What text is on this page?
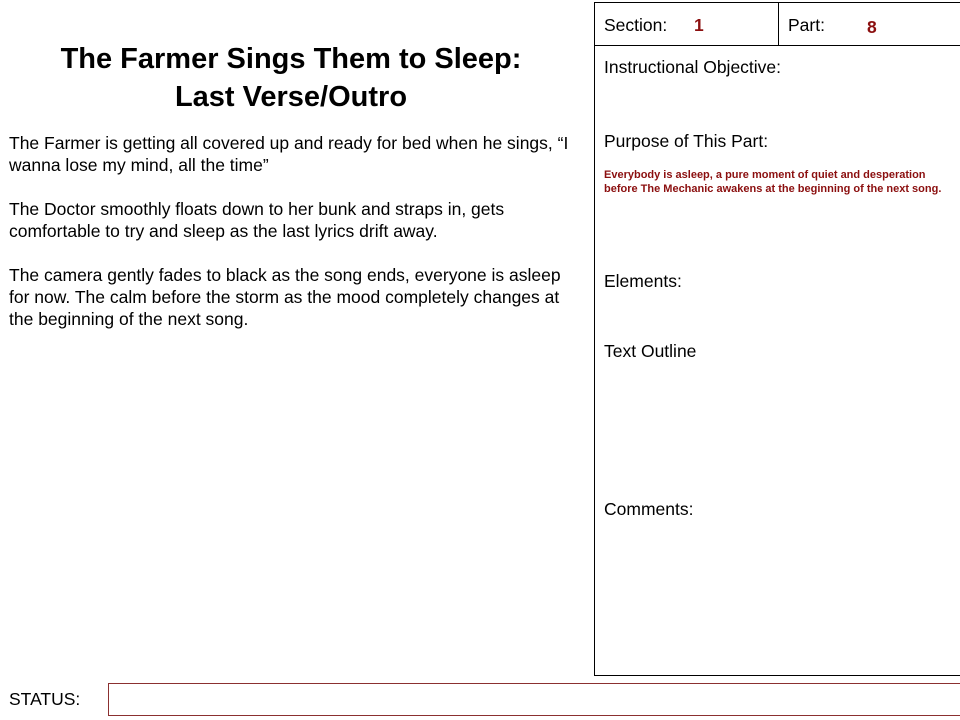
The Farmer Sings Them to Sleep:
Last Verse/Outro

The Farmer is getting all covered up and ready for bed when he sings, “I wanna lose my mind, all the time”

The Doctor smoothly floats down to her bunk and straps in, gets comfortable to try and sleep as the last lyrics drift away.

The camera gently fades to black as the song ends, everyone is asleep for now. The calm before the storm as the mood completely changes at the beginning of the next song.

Section: 1	Part: 8
Instructional Objective:
Purpose of This Part:
Everybody is asleep, a pure moment of quiet and desperation before The Mechanic awakens at the beginning of the next song.
Elements:
Text Outline
Comments:
STATUS:
